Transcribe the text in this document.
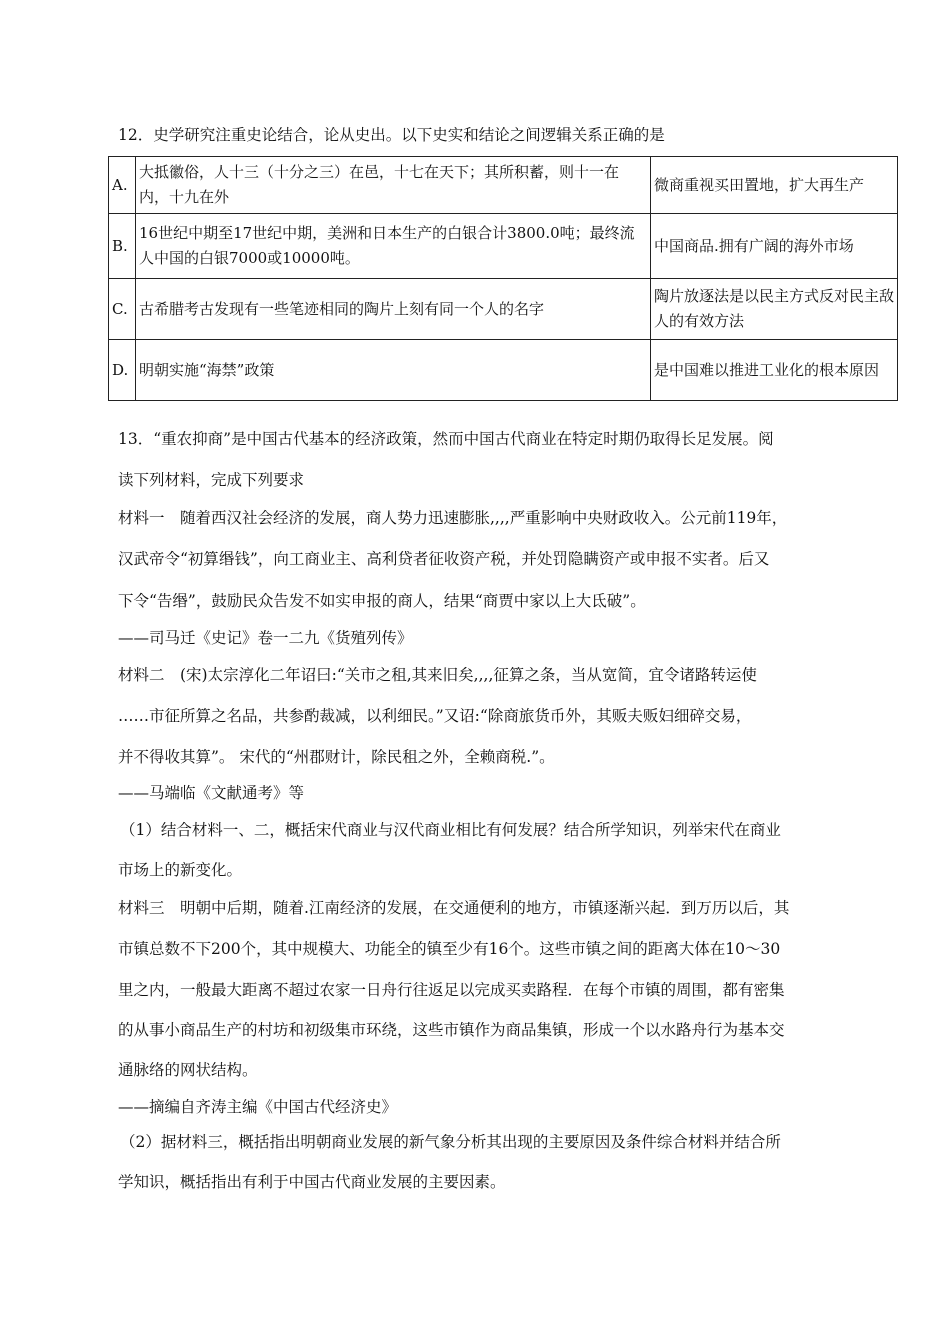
12．史学研究注重史论结合，论从史出。以下史实和结论之间逻辑关系正确的是
A.	大抵徽俗，人十三（十分之三）在邑，十七在天下；其所积蓄，则十一在内，十九在外	微商重视买田置地，扩大再生产
B.	16世纪中期至17世纪中期，美洲和日本生产的白银合计3800.0吨；最终流人中国的白银7000或10000吨。	中国商品.拥有广阔的海外市场
C.	古希腊考古发现有一些笔迹相同的陶片上刻有同一个人的名字	陶片放逐法是以民主方式反对民主敌人的有效方法
D.	明朝实施“海禁”政策	是中国难以推进工业化的根本原因
13．“重农抑商”是中国古代基本的经济政策，然而中国古代商业在特定时期仍取得长足发展。阅
读下列材料，完成下列要求
材料一　随着西汉社会经济的发展，商人势力迅速膨胀,,,,严重影响中央财政收入。公元前119年，
汉武帝令“初算缗钱”，向工商业主、高利贷者征收资产税，并处罚隐瞒资产或申报不实者。后又
下令“告缗”，鼓励民众告发不如实申报的商人，结果“商贾中家以上大氐破”。
——司马迁《史记》卷一二九《货殖列传》
材料二　(宋)太宗淳化二年诏曰:“关市之租,其来旧矣,,,,征算之条，当从宽简，宜令诸路转运使
……市征所算之名品，共参酌裁减，以利细民。”又诏:“除商旅货币外，其贩夫贩妇细碎交易，
并不得收其算”。 宋代的“州郡财计，除民租之外，全赖商税.”。
——马端临《文献通考》等
（1）结合材料一、二，概括宋代商业与汉代商业相比有何发展？结合所学知识，列举宋代在商业
市场上的新变化。
材料三　明朝中后期，随着.江南经济的发展，在交通便利的地方，市镇逐渐兴起．到万历以后，其
市镇总数不下200个，其中规模大、功能全的镇至少有16个。这些市镇之间的距离大体在10～30
里之内，一般最大距离不超过农家一日舟行往返足以完成买卖路程．在每个市镇的周围，都有密集
的从事小商品生产的村坊和初级集市环绕，这些市镇作为商品集镇，形成一个以水路舟行为基本交
通脉络的网状结构。
——摘编自齐涛主编《中国古代经济史》
（2）据材料三，概括指出明朝商业发展的新气象分析其出现的主要原因及条件综合材料并结合所
学知识，概括指出有利于中国古代商业发展的主要因素。
